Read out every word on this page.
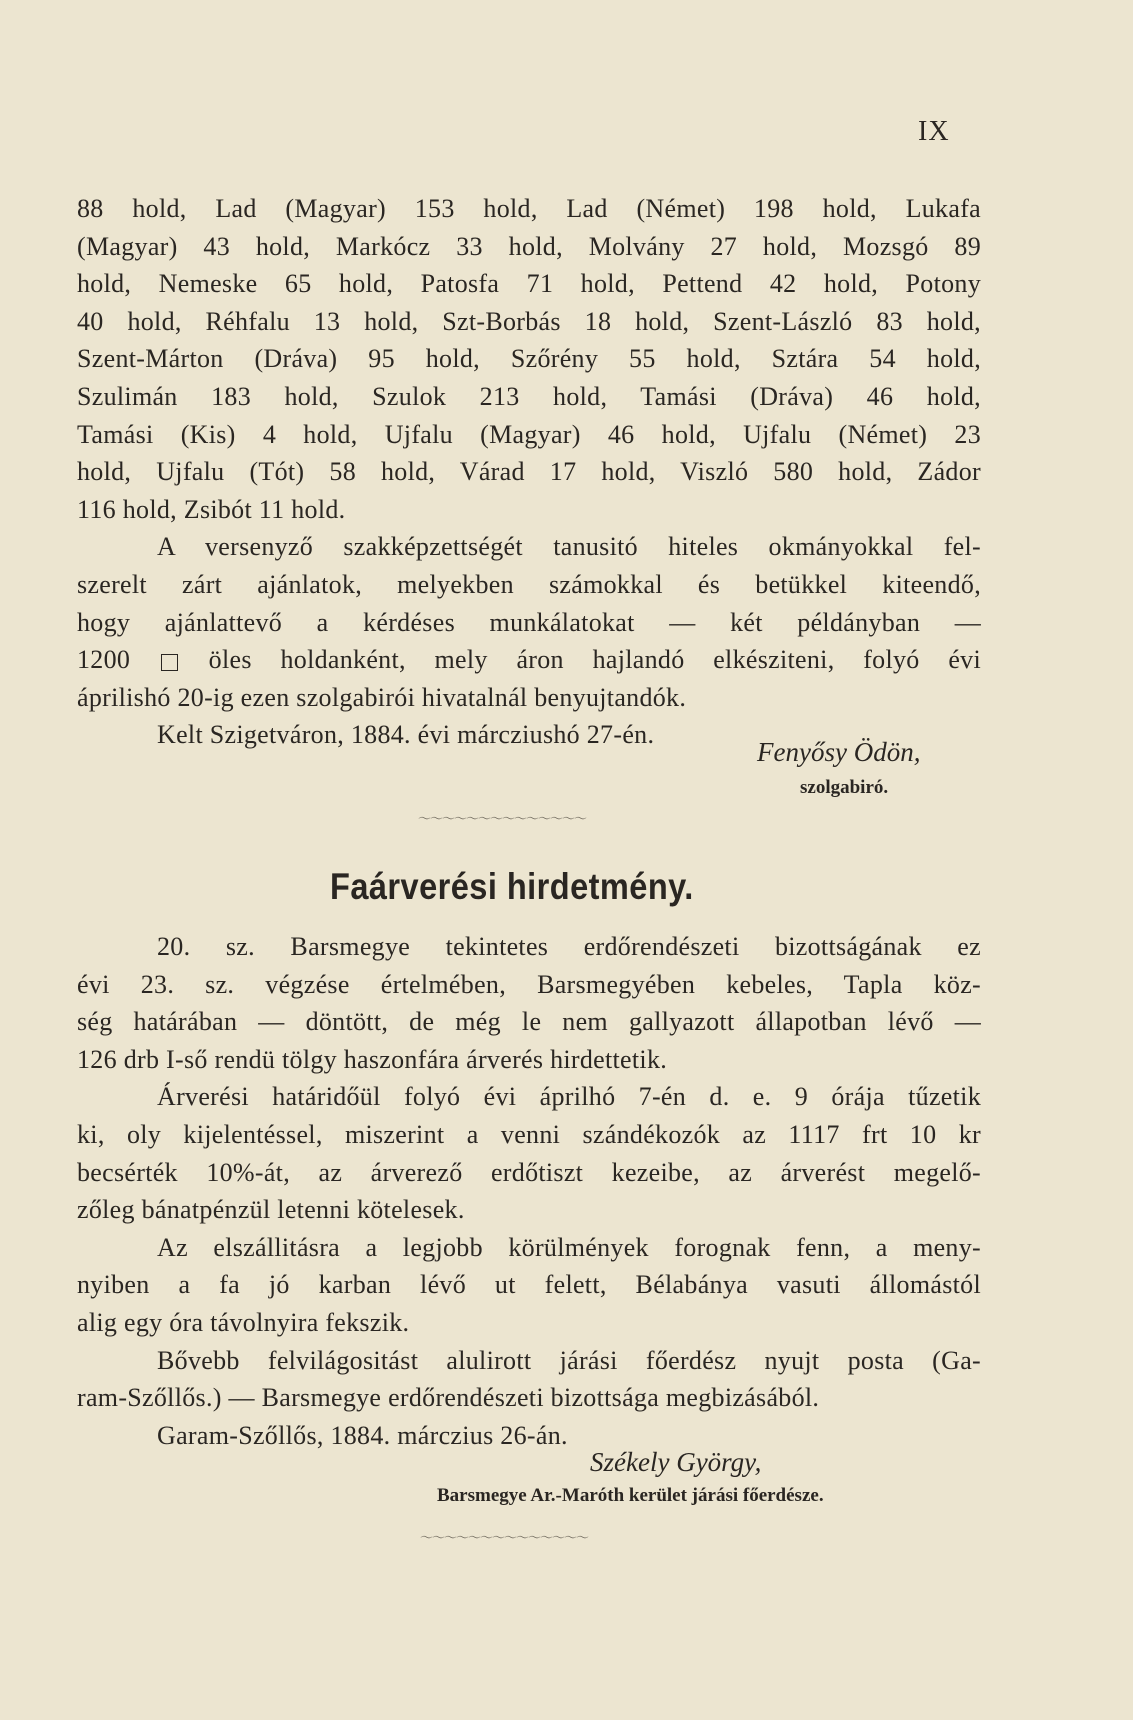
IX
88 hold, Lad (Magyar) 153 hold, Lad (Német) 198 hold, Lukafa
(Magyar) 43 hold, Markócz 33 hold, Molvány 27 hold, Mozsgó 89
hold, Nemeske 65 hold, Patosfa 71 hold, Pettend 42 hold, Potony
40 hold, Réhfalu 13 hold, Szt-Borbás 18 hold, Szent-László 83 hold,
Szent-Márton (Dráva) 95 hold, Szőrény 55 hold, Sztára 54 hold,
Szulimán 183 hold, Szulok 213 hold, Tamási (Dráva) 46 hold,
Tamási (Kis) 4 hold, Ujfalu (Magyar) 46 hold, Ujfalu (Német) 23
hold, Ujfalu (Tót) 58 hold, Várad 17 hold, Viszló 580 hold, Zádor
116 hold, Zsibót 11 hold.
A versenyző szakképzettségét tanusitó hiteles okmányokkal fel-
szerelt zárt ajánlatok, melyekben számokkal és betükkel kiteendő,
hogy ajánlattevő a kérdéses munkálatokat — két példányban —
1200	öles holdanként, mely áron hajlandó elkésziteni, folyó évi
áprilishó 20-ig ezen szolgabirói hivatalnál benyujtandók.
Kelt Szigetváron, 1884. évi márcziushó 27-én.
Fenyősy Ödön,
szolgabiró.
〜〜〜〜〜〜〜〜〜〜〜〜〜〜
Faárverési hirdetmény.
20. sz. Barsmegye tekintetes erdőrendészeti bizottságának ez
évi 23. sz. végzése értelmében, Barsmegyében kebeles, Tapla köz-
ség határában — döntött, de még le nem gallyazott állapotban lévő —
126 drb I-ső rendü tölgy haszonfára árverés hirdettetik.
Árverési határidőül folyó évi áprilhó 7-én d. e. 9 órája tűzetik
ki, oly kijelentéssel, miszerint a venni szándékozók az 1117 frt 10 kr
becsérték 10%-át, az árverező erdőtiszt kezeibe, az árverést megelő-
zőleg bánatpénzül letenni kötelesek.
Az elszállitásra a legjobb körülmények forognak fenn, a meny-
nyiben a fa jó karban lévő ut felett, Bélabánya vasuti állomástól
alig egy óra távolnyira fekszik.
Bővebb felvilágositást alulirott járási főerdész nyujt posta (Ga-
ram-Szőllős.) — Barsmegye erdőrendészeti bizottsága megbizásából.
Garam-Szőllős, 1884. márczius 26-án.
Székely György,
Barsmegye Ar.-Maróth kerület járási főerdésze.
〜〜〜〜〜〜〜〜〜〜〜〜〜〜
